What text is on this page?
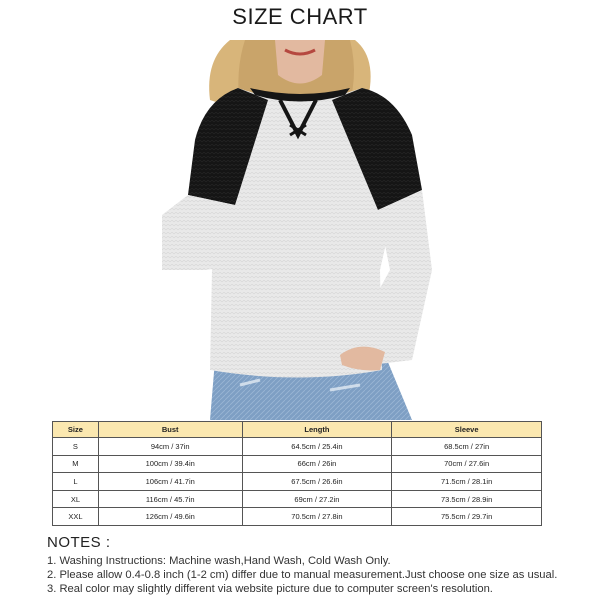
SIZE CHART
Size	Bust	Length	Sleeve
S	94cm / 37in	64.5cm / 25.4in	68.5cm / 27in
M	100cm / 39.4in	66cm / 26in	70cm / 27.6in
L	106cm / 41.7in	67.5cm / 26.6in	71.5cm / 28.1in
XL	116cm / 45.7in	69cm / 27.2in	73.5cm / 28.9in
XXL	126cm / 49.6in	70.5cm / 27.8in	75.5cm / 29.7in
NOTES :
1. Washing Instructions: Machine wash,Hand Wash, Cold Wash Only.
2. Please allow 0.4-0.8 inch (1-2 cm) differ due to manual measurement.Just choose one size as usual.
3. Real color may slightly different via website picture due to computer screen's resolution.
